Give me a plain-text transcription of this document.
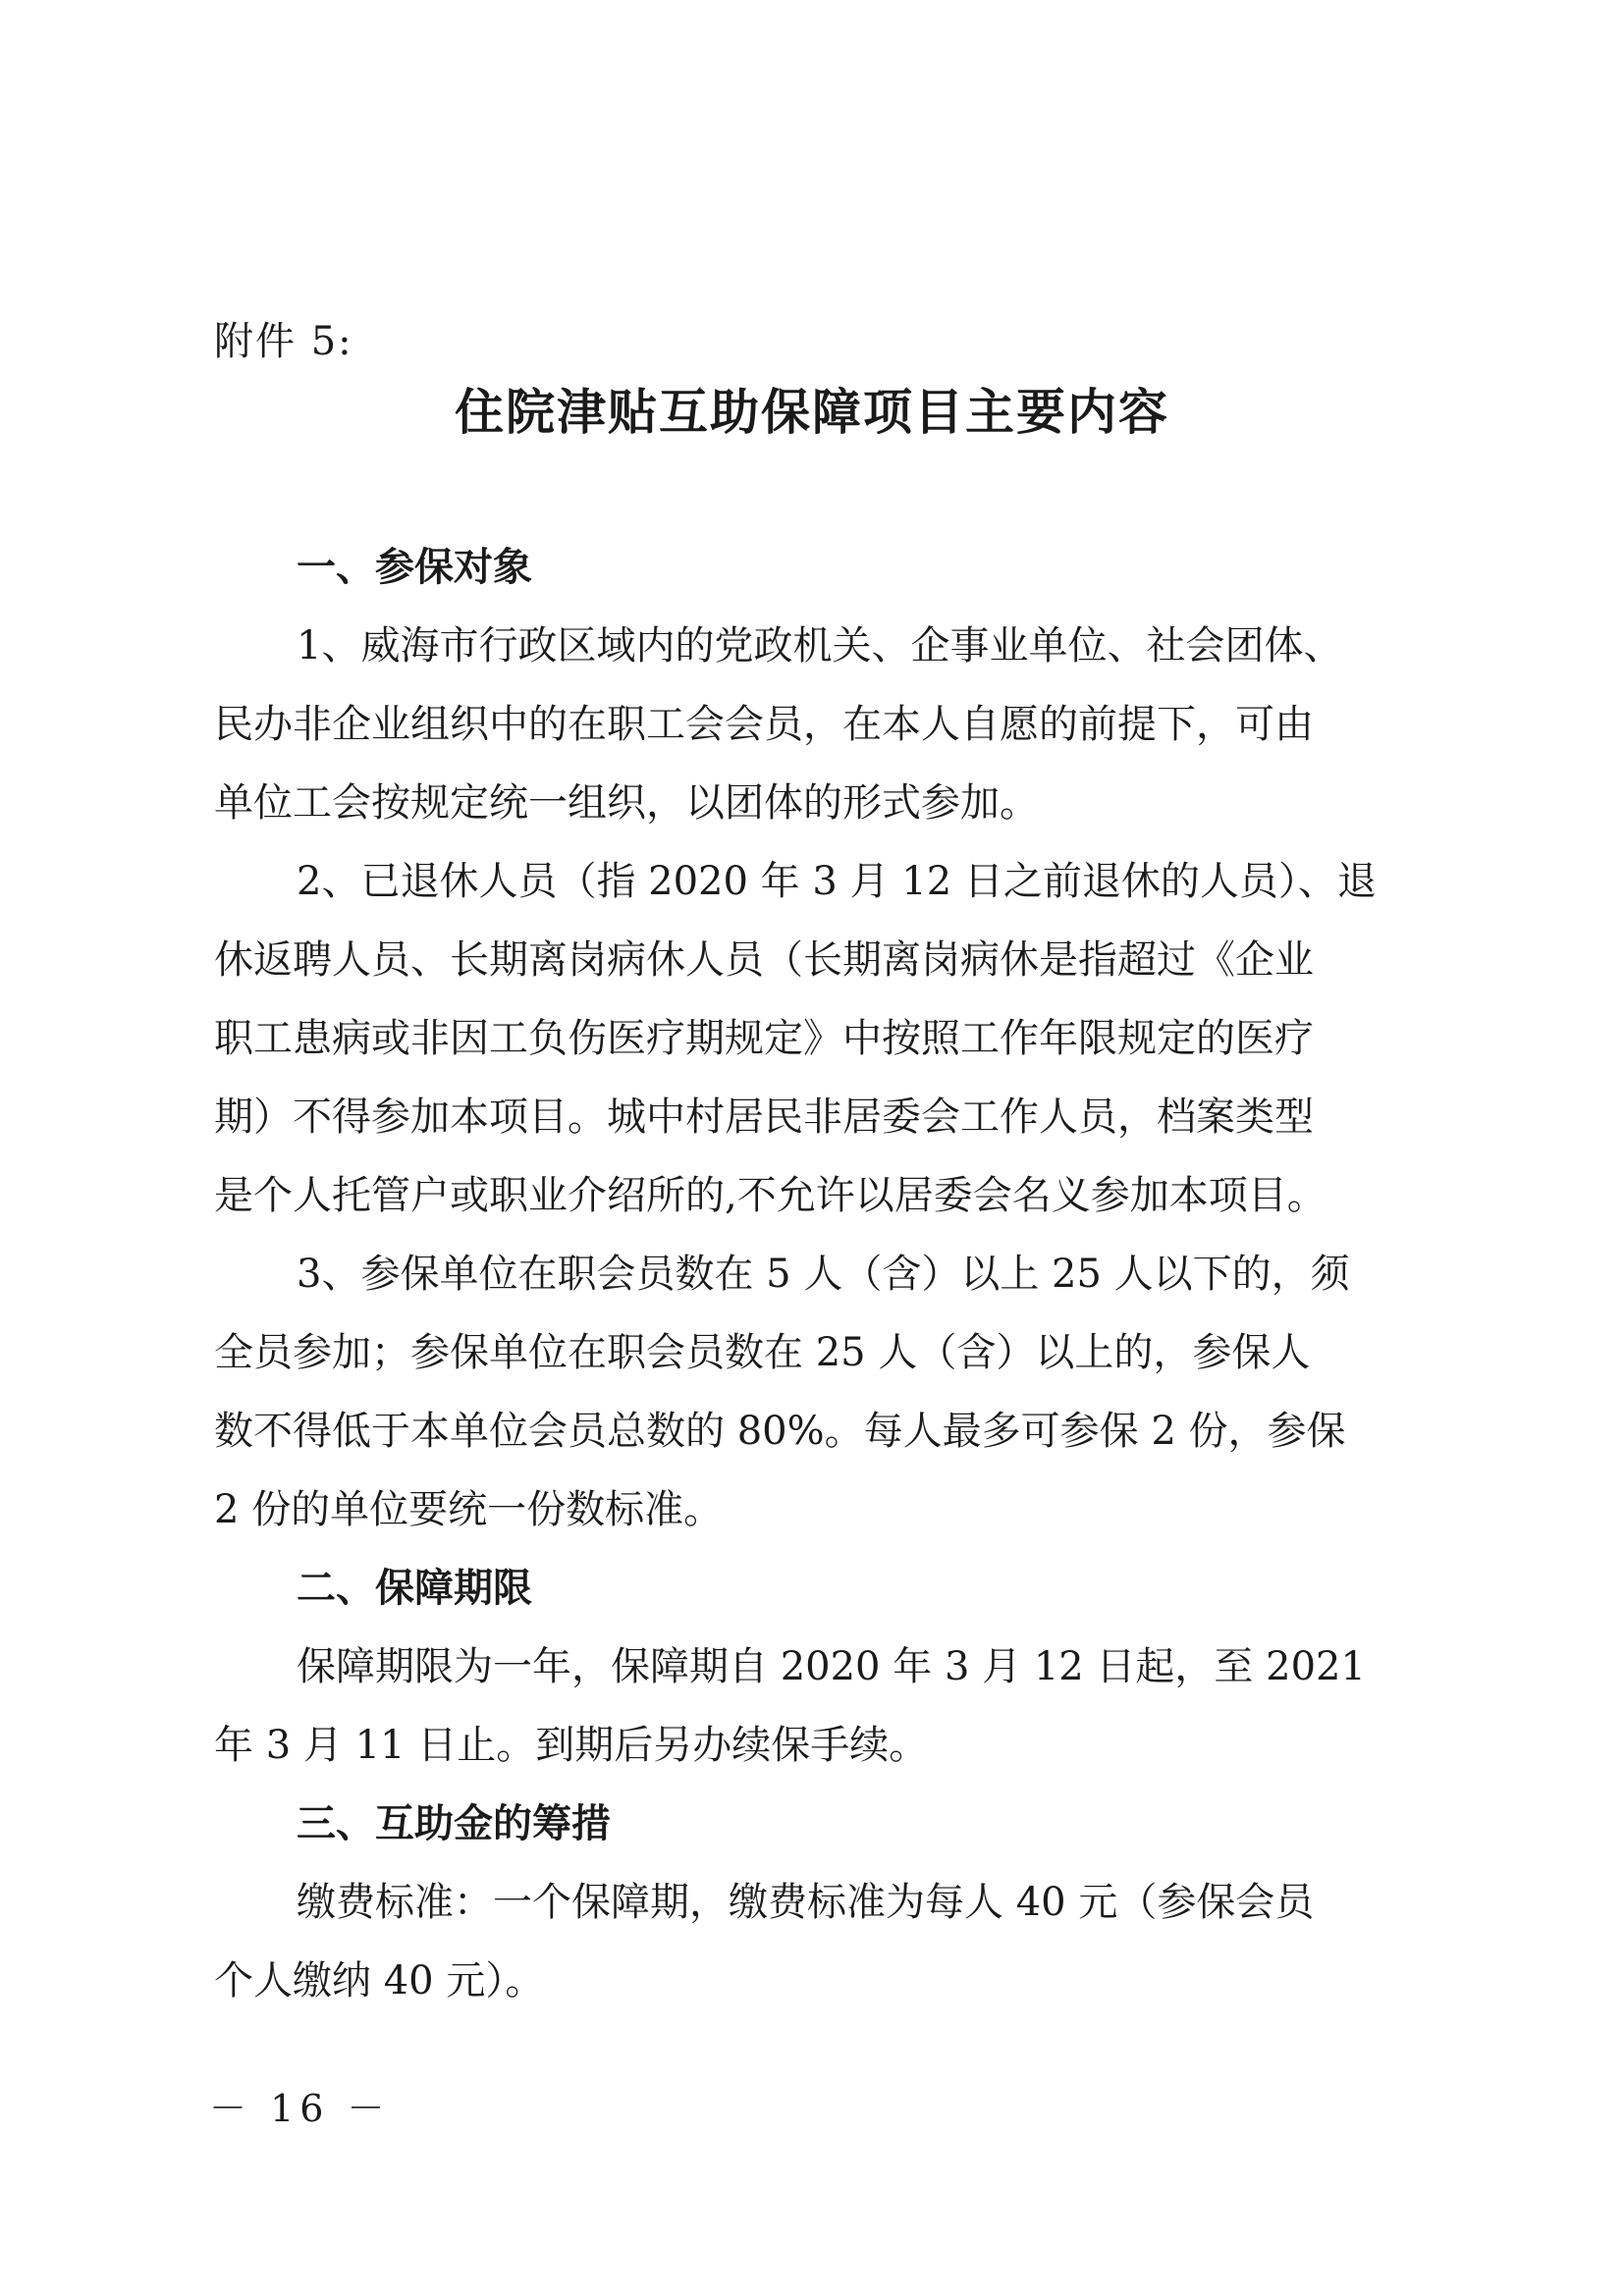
附件 5:
住院津贴互助保障项目主要内容
一、参保对象
1、威海市行政区域内的党政机关、企事业单位、社会团体、
民办非企业组织中的在职工会会员，在本人自愿的前提下，可由
单位工会按规定统一组织，以团体的形式参加。
2、已退休人员（指 2020 年 3 月 12 日之前退休的人员）、退
休返聘人员、长期离岗病休人员（长期离岗病休是指超过《企业
职工患病或非因工负伤医疗期规定》中按照工作年限规定的医疗
期）不得参加本项目。城中村居民非居委会工作人员，档案类型
是个人托管户或职业介绍所的,不允许以居委会名义参加本项目。
3、参保单位在职会员数在 5 人（含）以上 25 人以下的，须
全员参加；参保单位在职会员数在 25 人（含）以上的，参保人
数不得低于本单位会员总数的 80%。每人最多可参保 2 份，参保
2 份的单位要统一份数标准。
二、保障期限
保障期限为一年，保障期自 2020 年 3 月 12 日起，至 2021
年 3 月 11 日止。到期后另办续保手续。
三、互助金的筹措
缴费标准：一个保障期，缴费标准为每人 40 元（参保会员
个人缴纳 40 元）。
－ 16 －
